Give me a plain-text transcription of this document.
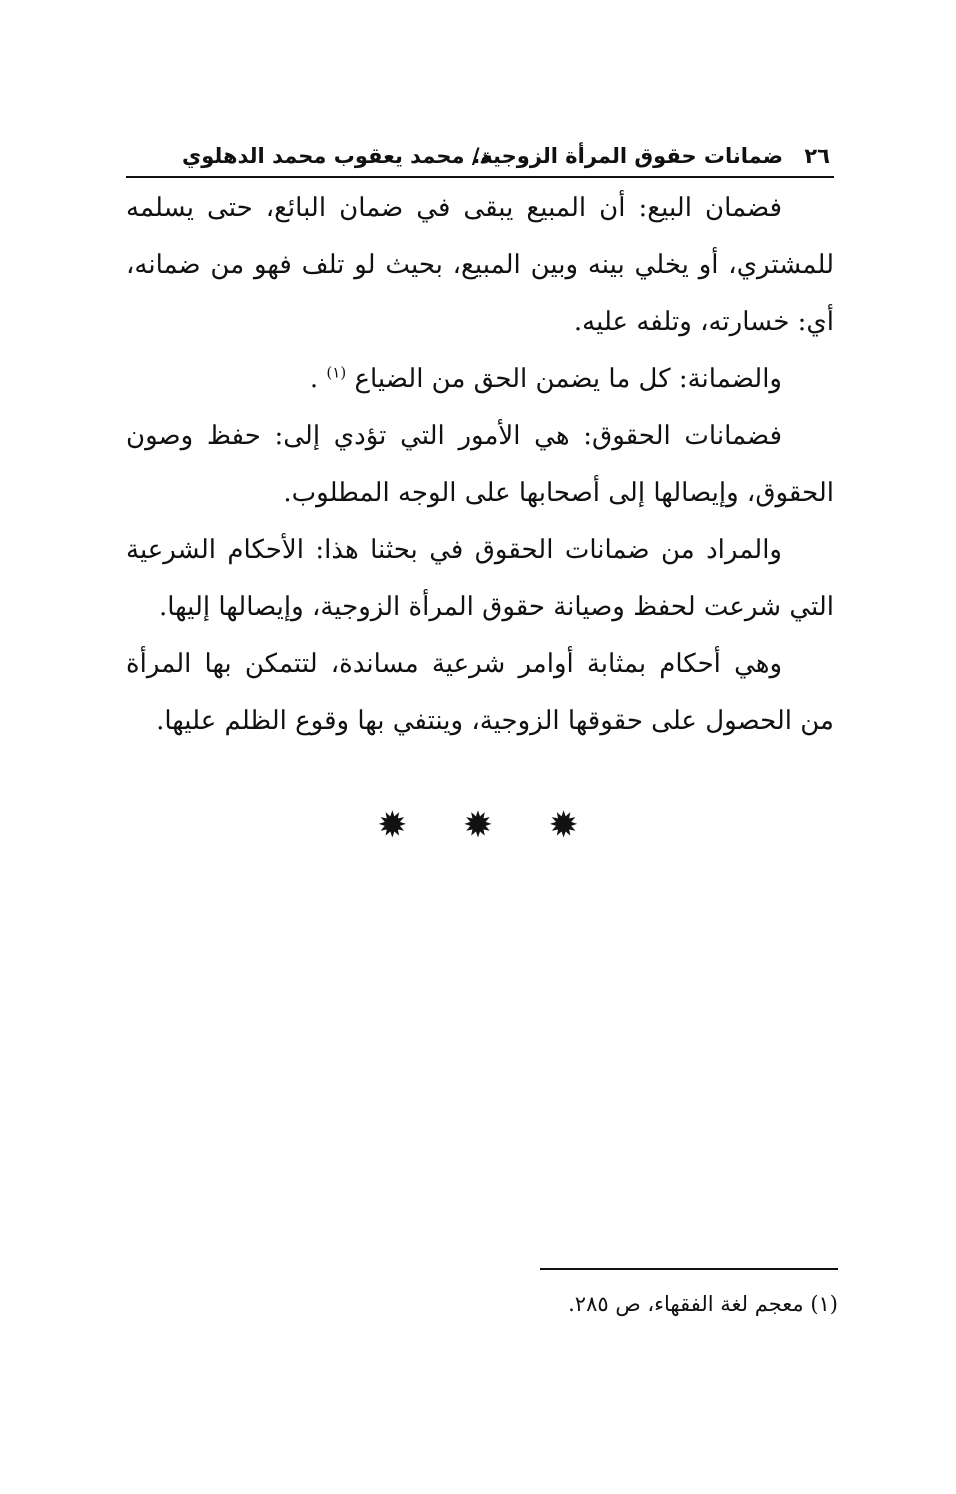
٢٦ ضمانات حقوق المرأة الزوجية.
د/ محمد يعقوب محمد الدهلوي

فضمان البيع: أن المبيع يبقى في ضمان البائع، حتى يسلمه للمشتري، أو يخلي بينه وبين المبيع، بحيث لو تلف فهو من ضمانه، أي: خسارته، وتلفه عليه.

والضمانة: كل ما يضمن الحق من الضياع $^{(١)}$ .

فضمانات الحقوق: هي الأمور التي تؤدي إلى: حفظ وصون الحقوق، وإيصالها إلى أصحابها على الوجه المطلوب.

والمراد من ضمانات الحقوق في بحثنا هذا: الأحكام الشرعية التي شرعت لحفظ وصيانة حقوق المرأة الزوجية، وإيصالها إليها.

وهي أحكام بمثابة أوامر شرعية مساندة، لتتمكن بها المرأة من الحصول على حقوقها الزوجية، وينتفي بها وقوع الظلم عليها.

✹ ✹ ✹
(١) معجم لغة الفقهاء، ص ٢٨٥.
